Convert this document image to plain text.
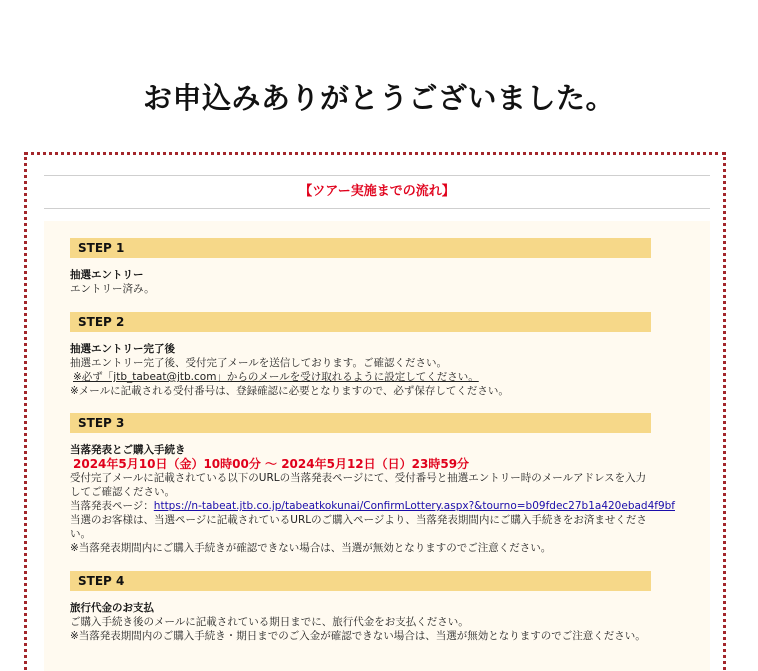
お申込みありがとうございました。
【ツアー実施までの流れ】
STEP 1
抽選エントリー
エントリー済み。
STEP 2
抽選エントリー完了後
抽選エントリー完了後、受付完了メールを送信しております。ご確認ください。
※必ず「jtb_tabeat@jtb.com」からのメールを受け取れるように設定してください。
※メールに記載される受付番号は、登録確認に必要となりますので、必ず保存してください。
STEP 3
当落発表とご購入手続き
2024年5月10日（金）10時00分 〜 2024年5月12日（日）23時59分
受付完了メールに記載されている以下のURLの当落発表ページにて、受付番号と抽選エントリー時のメールアドレスを入力してご確認ください。
当落発表ページ：https://n-tabeat.jtb.co.jp/tabeatkokunai/ConfirmLottery.aspx?&tourno=b09fdec27b1a420ebad4f9bf
当選のお客様は、当選ページに記載されているURLのご購入ページより、当落発表期間内にご購入手続きをお済ませください。
※当落発表期間内にご購入手続きが確認できない場合は、当選が無効となりますのでご注意ください。
STEP 4
旅行代金のお支払
ご購入手続き後のメールに記載されている期日までに、旅行代金をお支払ください。
※当落発表期間内のご購入手続き・期日までのご入金が確認できない場合は、当選が無効となりますのでご注意ください。
